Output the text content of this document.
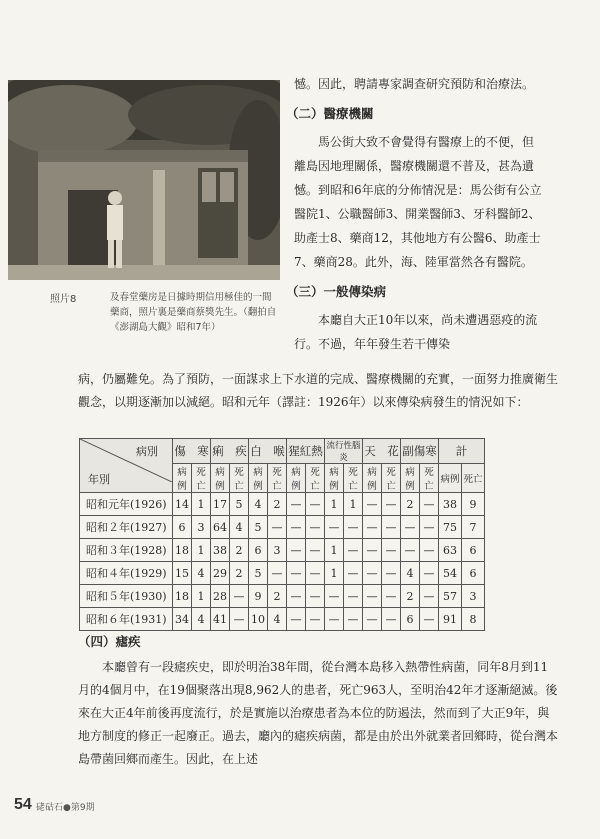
照片8	及春堂藥房是日據時期信用極佳的一間藥商，照片裏是藥商蔡獎先生。（翻拍自《澎湖島大觀》昭和7年）

憾。因此，聘請專家調查研究預防和治療法。

（二）醫療機關

馬公街大致不會覺得有醫療上的不便，但離島因地理關係，醫療機關還不普及，甚為遺憾。到昭和6年底的分佈情況是：馬公街有公立醫院1、公職醫師3、開業醫師3、牙科醫師2、助產士8、藥商12，其他地方有公醫6、助產士7、藥商28。此外，海、陸軍當然各有醫院。

（三）一般傳染病

本廳自大正10年以來，尚未遭遇惡疫的流行。不過，年年發生若干傳染

病，仍屬難免。為了預防，一面謀求上下水道的完成、醫療機關的充實，一面努力推廣衛生觀念，以期逐漸加以減絕。昭和元年（譯註：1926年）以來傳染病發生的情況如下：

病別
年別	傷　寒		痢　疾		白　喉		猩紅熱		流行性腦炎		天　花		副傷寒		計	
	病例	死亡	病例	死亡	病例	死亡	病例	死亡	病例	死亡	病例	死亡	病例	死亡	病例	死亡
昭和元年(1926)	14	1	17	5	4	2	—	—	1	1	—	—	2	—	38	9
昭和２年(1927)	6	3	64	4	5	—	—	—	—	—	—	—	—	—	75	7
昭和３年(1928)	18	1	38	2	6	3	—	—	1	—	—	—	—	—	63	6
昭和４年(1929)	15	4	29	2	5	—	—	—	1	—	—	—	4	—	54	6
昭和５年(1930)	18	1	28	—	9	2	—	—	—	—	—	—	2	—	57	3
昭和６年(1931)	34	4	41	—	10	4	—	—	—	—	—	—	6	—	91	8
（四）瘧疾

本廳曾有一段瘧疾史，即於明治38年間，從台灣本島移入熱帶性病菌，同年8月到11月的4個月中，在19個聚落出現8,962人的患者，死亡963人，至明治42年才逐漸絕滅。後來在大正4年前後再度流行，於是實施以治療患者為本位的防遏法，然而到了大正9年，與地方制度的修正一起廢正。過去，廳內的瘧疾病菌，都是由於出外就業者回鄉時，從台灣本島帶菌回鄉而產生。因此，在上述

54 硓𥑮石●第9期
